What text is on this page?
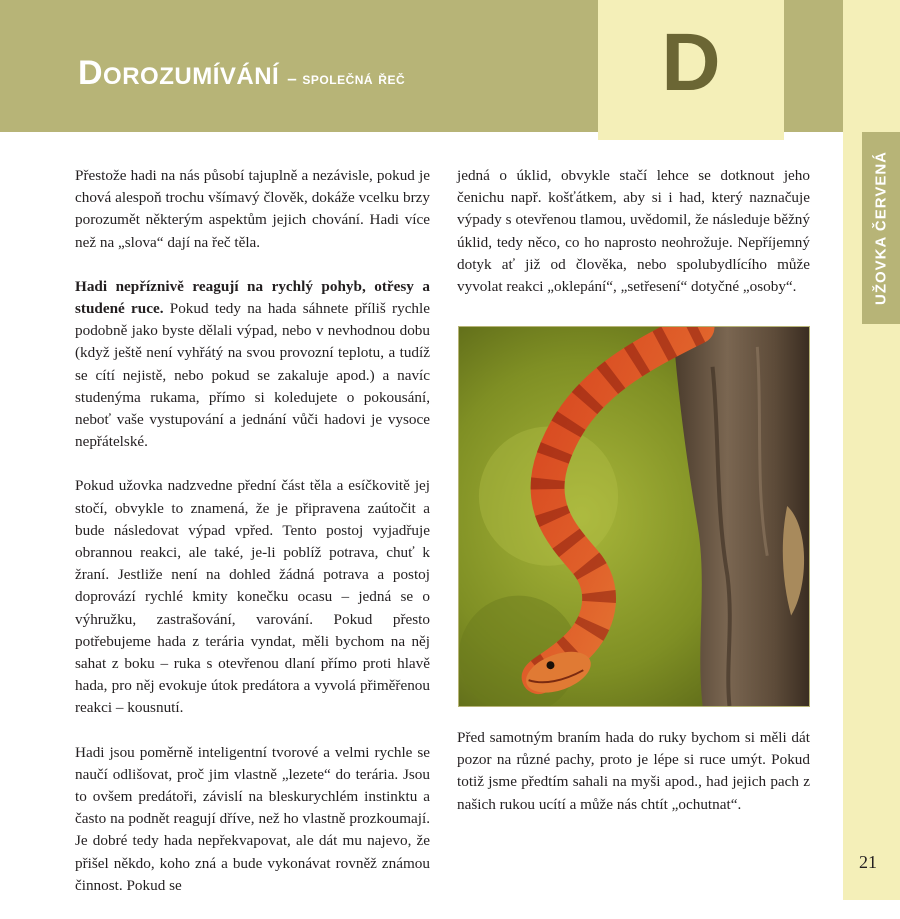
Dorozumívání – společná řeč	D
UŽOVKA ČERVENÁ

Přestože hadi na nás působí tajuplně a nezávisle, pokud je chová alespoň trochu všímavý člověk, dokáže vcelku brzy porozumět některým aspektům jejich chování. Hadi více než na „slova“ dají na řeč těla.

Hadi nepříznivě reagují na rychlý pohyb, otřesy a studené ruce. Pokud tedy na hada sáhnete příliš rychle podobně jako byste dělali výpad, nebo v nevhodnou dobu (když ještě není vyhřátý na svou provozní teplotu, a tudíž se cítí nejistě, nebo pokud se zakaluje apod.) a navíc studenýma rukama, přímo si koledujete o pokousání, neboť vaše vystupování a jednání vůči hadovi je vysoce nepřátelské.

Pokud užovka nadzvedne přední část těla a esíčkovitě jej stočí, obvykle to znamená, že je připravena zaútočit a bude následovat výpad vpřed. Tento postoj vyjadřuje obrannou reakci, ale také, je-li poblíž potrava, chuť k žraní. Jestliže není na dohled žádná potrava a postoj doprovází rychlé kmity konečku ocasu – jedná se o výhružku, zastrašování, varování. Pokud přesto potřebujeme hada z terária vyndat, měli bychom na něj sahat z boku – ruka s otevřenou dlaní přímo proti hlavě hada, pro něj evokuje útok predátora a vyvolá přiměřenou reakci – kousnutí.

Hadi jsou poměrně inteligentní tvorové a velmi rychle se naučí odlišovat, proč jim vlastně „lezete“ do terária. Jsou to ovšem predátoři, závislí na bleskurychlém instinktu a často na podnět reagují dříve, než ho vlastně prozkoumají. Je dobré tedy hada nepřekvapovat, ale dát mu najevo, že přišel někdo, koho zná a bude vykonávat rovněž známou činnost. Pokud se

jedná o úklid, obvykle stačí lehce se dotknout jeho čenichu např. košťátkem, aby si i had, který naznačuje výpady s otevřenou tlamou, uvědomil, že následuje běžný úklid, tedy něco, co ho naprosto neohrožuje. Nepříjemný dotyk ať již od člověka, nebo spolubydlícího může vyvolat reakci „oklepání“, „setřesení“ dotyčné „osoby“.

Před samotným braním hada do ruky bychom si měli dát pozor na různé pachy, proto je lépe si ruce umýt. Pokud totiž jsme předtím sahali na myši apod., had jejich pach z našich rukou ucítí a může nás chtít „ochutnat“.

21
